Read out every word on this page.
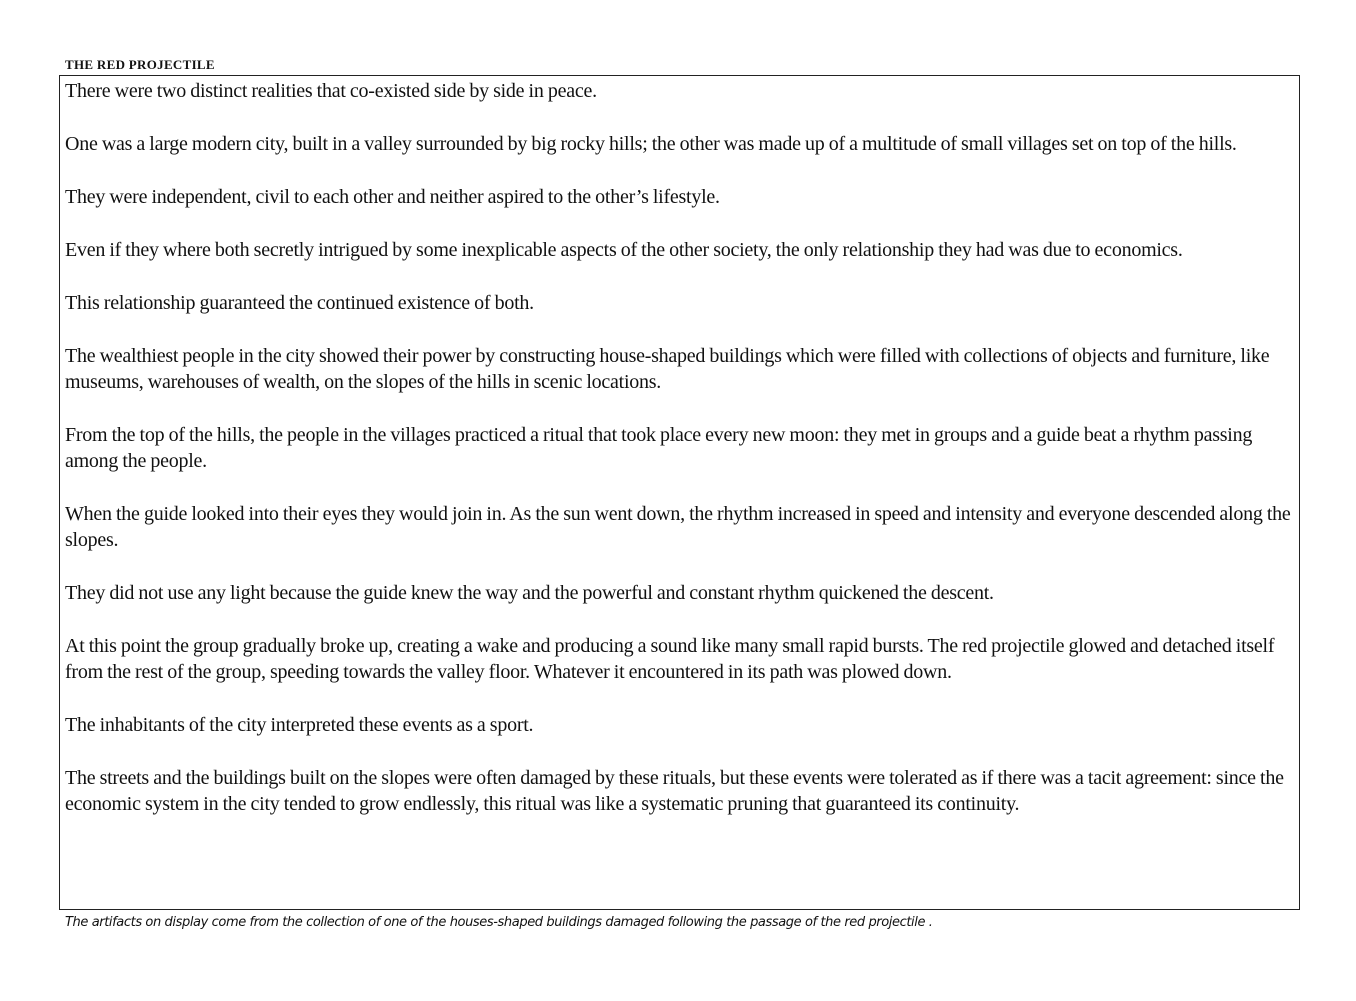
THE RED PROJECTILE

There were two distinct realities that co-existed side by side in peace.

One was a large modern city, built in a valley surrounded by big rocky hills; the other was made up of a multitude of small villages set on top of the hills.

They were independent, civil to each other and neither aspired to the other’s lifestyle.

Even if they where both secretly intrigued by some inexplicable aspects of the other society, the only relationship they had was due to economics.

This relationship guaranteed the continued existence of both.

The wealthiest people in the city showed their power by constructing house-shaped buildings which were filled with collections of objects and furniture, like museums, warehouses of wealth, on the slopes of the hills in scenic locations.

From the top of the hills, the people in the villages practiced a ritual that took place every new moon: they met in groups and a guide beat a rhythm passing among the people.

When the guide looked into their eyes they would join in. As the sun went down, the rhythm increased in speed and intensity and everyone descended along the slopes.

They did not use any light because the guide knew the way and the powerful and constant rhythm quickened the descent.

At this point the group gradually broke up, creating a wake and producing a sound like many small rapid bursts. The red projectile glowed and detached itself from the rest of the group, speeding towards the valley floor. Whatever it encountered in its path was plowed down.

The inhabitants of the city interpreted these events as a sport.

The streets and the buildings built on the slopes were often damaged by these rituals, but these events were tolerated as if there was a tacit agreement: since the economic system in the city tended to grow endlessly, this ritual was like a systematic pruning that guaranteed its continuity.

The artifacts on display come from the collection of one of the houses-shaped buildings damaged following the passage of the red projectile .
